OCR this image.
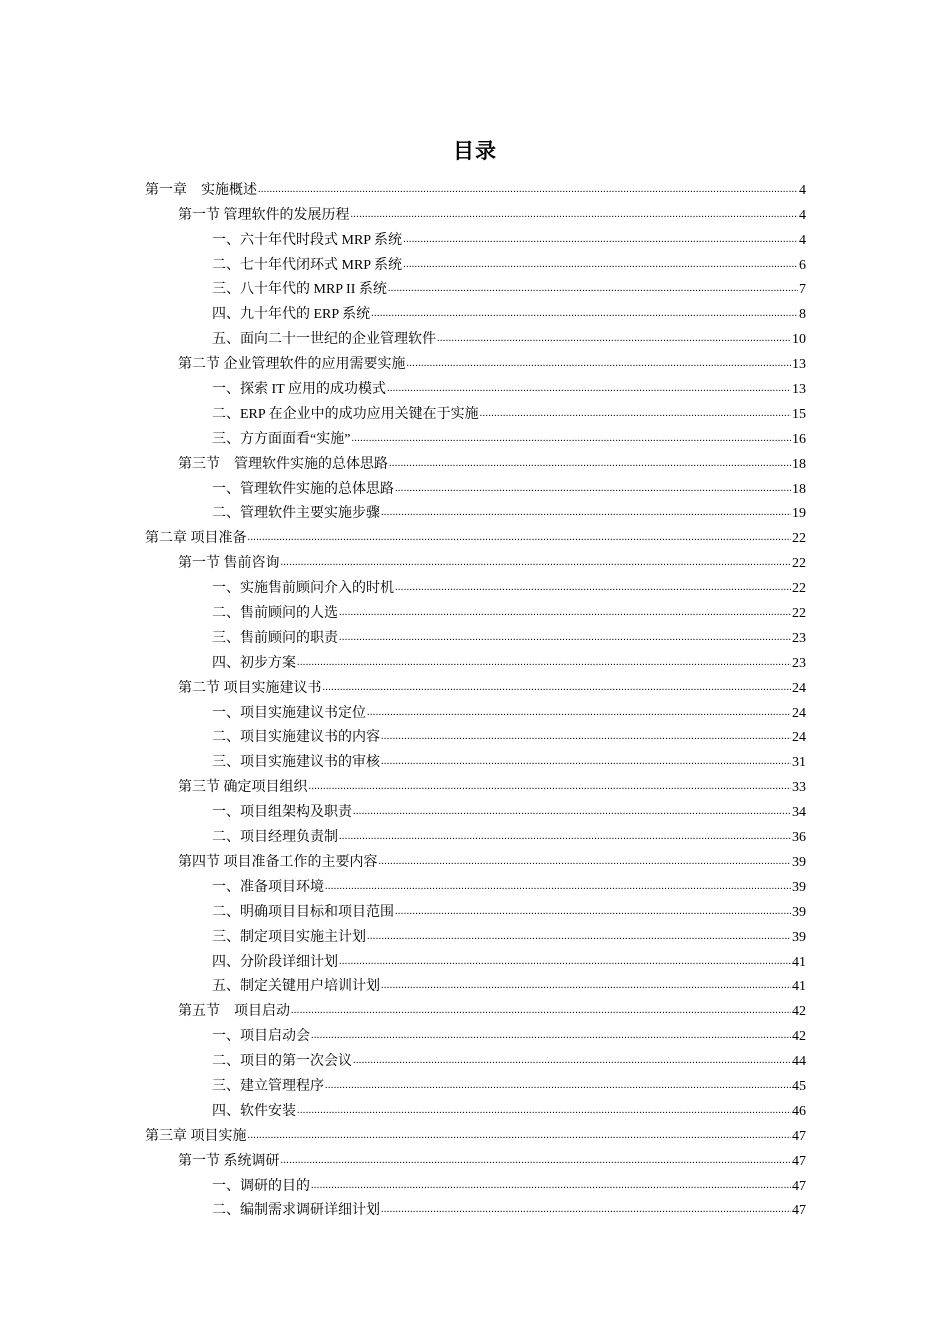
目录
第一章　实施概述 .....	4
第一节 管理软件的发展历程 .....	4
一、六十年代时段式 MRP 系统 .....	4
二、七十年代闭环式 MRP 系统 .....	6
三、八十年代的 MRP II 系统 .....	7
四、九十年代的 ERP 系统 .....	8
五、面向二十一世纪的企业管理软件 .....	10
第二节 企业管理软件的应用需要实施 .....	13
一、探索 IT 应用的成功模式 .....	13
二、ERP 在企业中的成功应用关键在于实施 .....	15
三、方方面面看“实施” .....	16
第三节　管理软件实施的总体思路 .....	18
一、管理软件实施的总体思路 .....	18
二、管理软件主要实施步骤 .....	19
第二章 项目准备 .....	22
第一节 售前咨询 .....	22
一、实施售前顾问介入的时机 .....	22
二、售前顾问的人选 .....	22
三、售前顾问的职责 .....	23
四、初步方案 .....	23
第二节 项目实施建议书 .....	24
一、项目实施建议书定位 .....	24
二、项目实施建议书的内容 .....	24
三、项目实施建议书的审核 .....	31
第三节 确定项目组织 .....	33
一、项目组架构及职责 .....	34
二、项目经理负责制 .....	36
第四节 项目准备工作的主要内容 .....	39
一、准备项目环境 .....	39
二、明确项目目标和项目范围 .....	39
三、制定项目实施主计划 .....	39
四、分阶段详细计划 .....	41
五、制定关键用户培训计划 .....	41
第五节　项目启动 .....	42
一、项目启动会 .....	42
二、项目的第一次会议 .....	44
三、建立管理程序 .....	45
四、软件安装 .....	46
第三章 项目实施 .....	47
第一节 系统调研 .....	47
一、调研的目的 .....	47
二、编制需求调研详细计划 .....	47
